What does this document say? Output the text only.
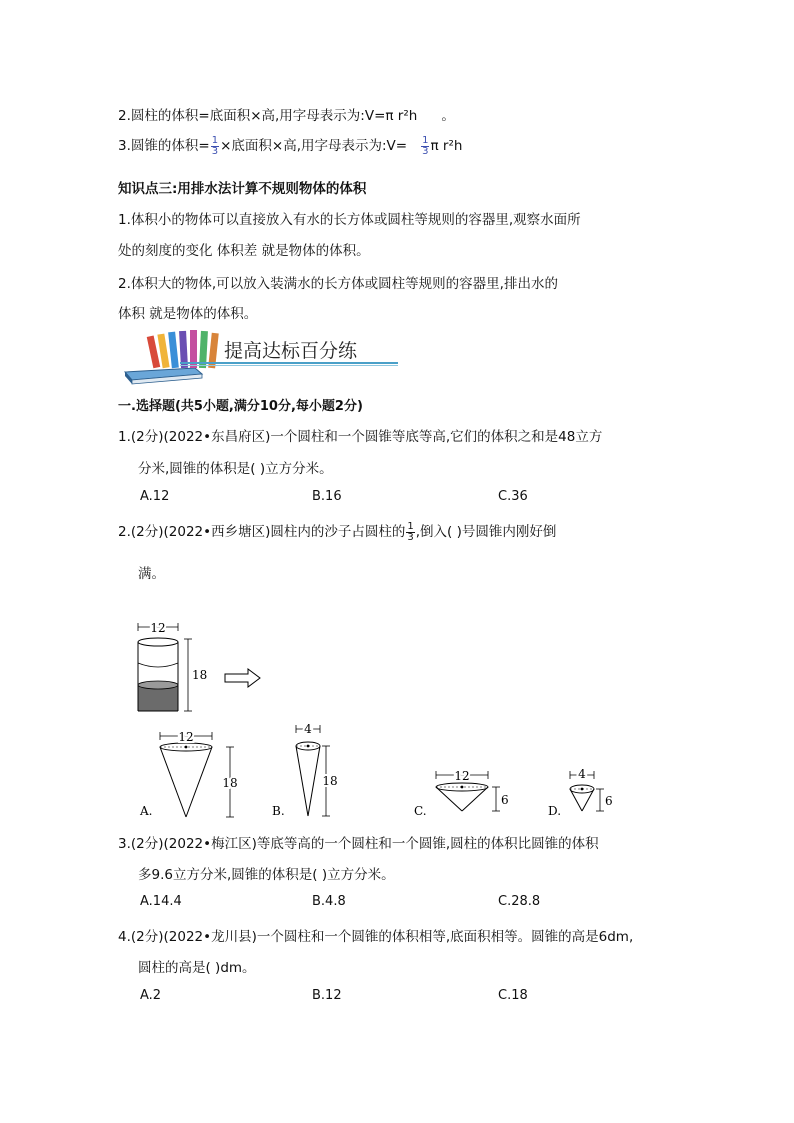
2.圆柱的体积=底面积×高,用字母表示为:V=π r²h 。
3.圆锥的体积= $\frac{1}{3}$ ×底面积×高,用字母表示为:V= $\frac{1}{3}$ π r²h
知识点三:用排水法计算不规则物体的体积
1.体积小的物体可以直接放入有水的长方体或圆柱等规则的容器里,观察水面所
处的刻度的变化 体积差 就是物体的体积。
2.体积大的物体,可以放入装满水的长方体或圆柱等规则的容器里,排出水的
体积 就是物体的体积。
提高达标百分练
一.选择题(共5小题,满分10分,每小题2分)
1.(2分)(2022•东昌府区)一个圆柱和一个圆锥等底等高,它们的体积之和是48立方
分米,圆锥的体积是( )立方分米。
A.12	B.16	C.36
2.(2分)(2022•西乡塘区)圆柱内的沙子占圆柱的 $\frac{1}{3}$ ,倒入( )号圆锥内刚好倒
满。
12
18
12
18
A.
4
18
B.
12
6
C.
4
6
D.
3.(2分)(2022•梅江区)等底等高的一个圆柱和一个圆锥,圆柱的体积比圆锥的体积
多9.6立方分米,圆锥的体积是( )立方分米。
A.14.4	B.4.8	C.28.8
4.(2分)(2022•龙川县)一个圆柱和一个圆锥的体积相等,底面积相等。圆锥的高是6dm,
圆柱的高是( )dm。
A.2	B.12	C.18
